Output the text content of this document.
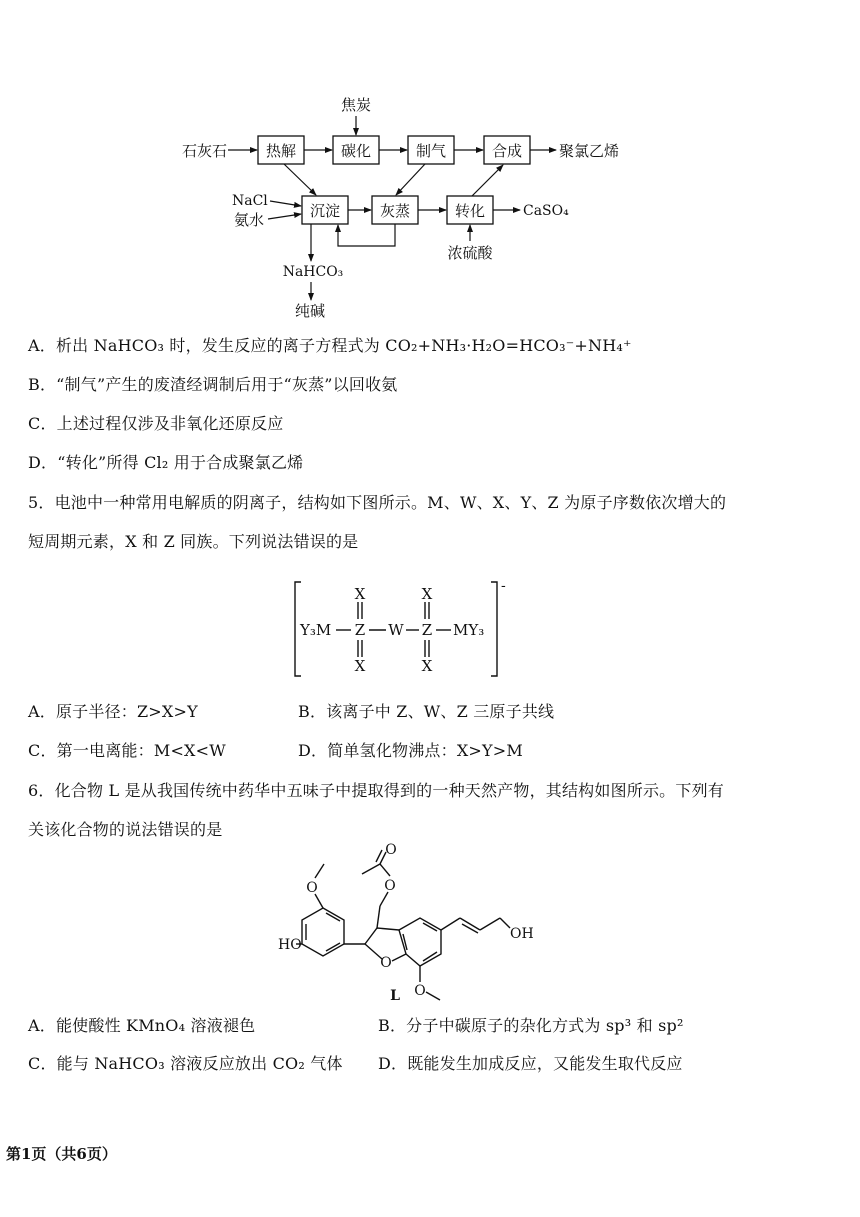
热解	碳化	制气	合成
沉淀	灰蒸	转化
石灰石
焦炭
聚氯乙烯
NaCl
氨水	CaSO₄
浓硫酸
NaHCO₃
纯碱
A．析出 NaHCO₃ 时，发生反应的离子方程式为 CO₂+NH₃·H₂O=HCO₃⁻+NH₄⁺
B．“制气”产生的废渣经调制后用于“灰蒸”以回收氨
C．上述过程仅涉及非氧化还原反应
D．“转化”所得 Cl₂ 用于合成聚氯乙烯
5．电池中一种常用电解质的阴离子，结构如下图所示。M、W、X、Y、Z 为原子序数依次增大的
短周期元素，X 和 Z 同族。下列说法错误的是
-
Y₃M Z W Z MY₃
X	X
X	X
A．原子半径：Z>X>Y	B．该离子中 Z、W、Z 三原子共线
C．第一电离能：M<X<W	D．简单氢化物沸点：X>Y>M
6．化合物 L 是从我国传统中药华中五味子中提取得到的一种天然产物，其结构如图所示。下列有
关该化合物的说法错误的是
O
HO
O
O
O
O
OH
L
A．能使酸性 KMnO₄ 溶液褪色	B．分子中碳原子的杂化方式为 sp³ 和 sp²
C．能与 NaHCO₃ 溶液反应放出 CO₂ 气体 D．既能发生加成反应，又能发生取代反应
第1页（共6页）
